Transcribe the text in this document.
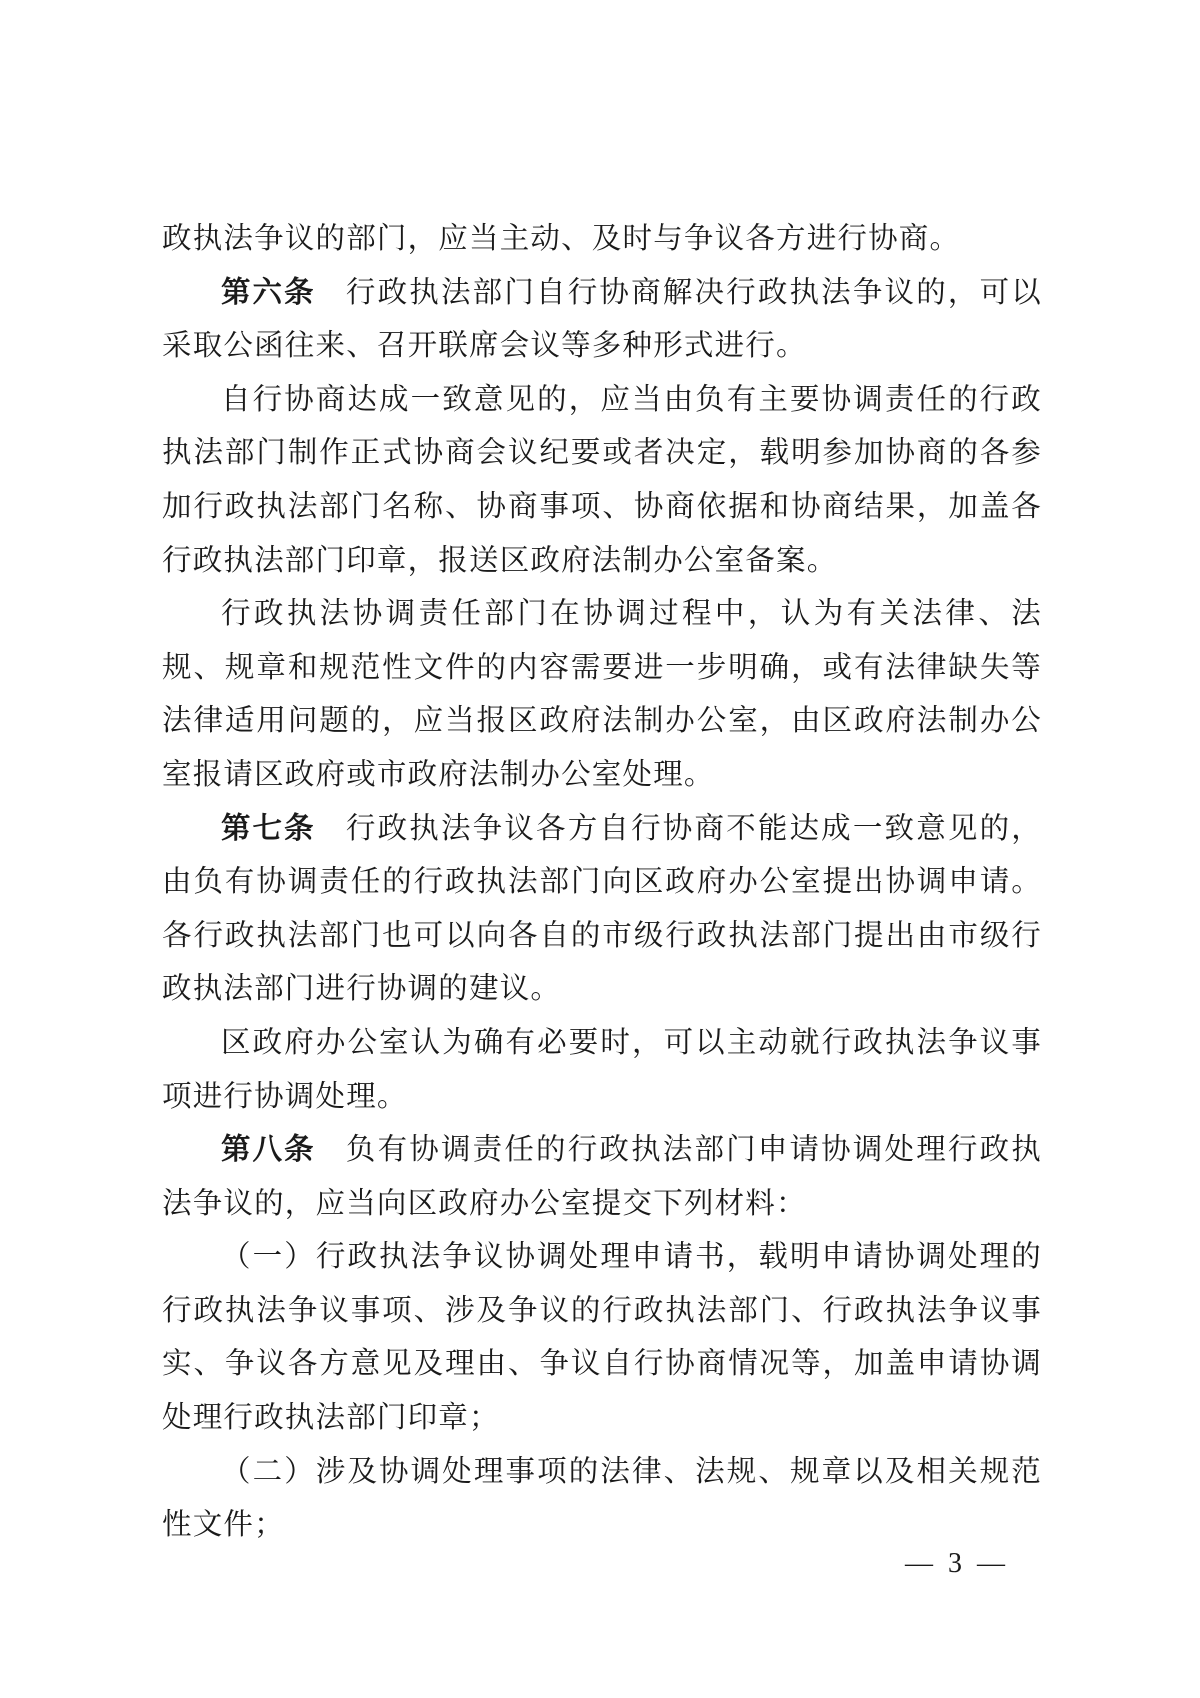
政执法争议的部门，应当主动、及时与争议各方进行协商。

第六条 行政执法部门自行协商解决行政执法争议的，可以采取公函往来、召开联席会议等多种形式进行。

自行协商达成一致意见的，应当由负有主要协调责任的行政执法部门制作正式协商会议纪要或者决定，载明参加协商的各参加行政执法部门名称、协商事项、协商依据和协商结果，加盖各行政执法部门印章，报送区政府法制办公室备案。

行政执法协调责任部门在协调过程中，认为有关法律、法规、规章和规范性文件的内容需要进一步明确，或有法律缺失等法律适用问题的，应当报区政府法制办公室，由区政府法制办公室报请区政府或市政府法制办公室处理。

第七条 行政执法争议各方自行协商不能达成一致意见的，由负有协调责任的行政执法部门向区政府办公室提出协调申请。各行政执法部门也可以向各自的市级行政执法部门提出由市级行政执法部门进行协调的建议。

区政府办公室认为确有必要时，可以主动就行政执法争议事项进行协调处理。

第八条 负有协调责任的行政执法部门申请协调处理行政执法争议的，应当向区政府办公室提交下列材料：

（一）行政执法争议协调处理申请书，载明申请协调处理的行政执法争议事项、涉及争议的行政执法部门、行政执法争议事实、争议各方意见及理由、争议自行协商情况等，加盖申请协调处理行政执法部门印章；

（二）涉及协调处理事项的法律、法规、规章以及相关规范性文件；

— 3 —
